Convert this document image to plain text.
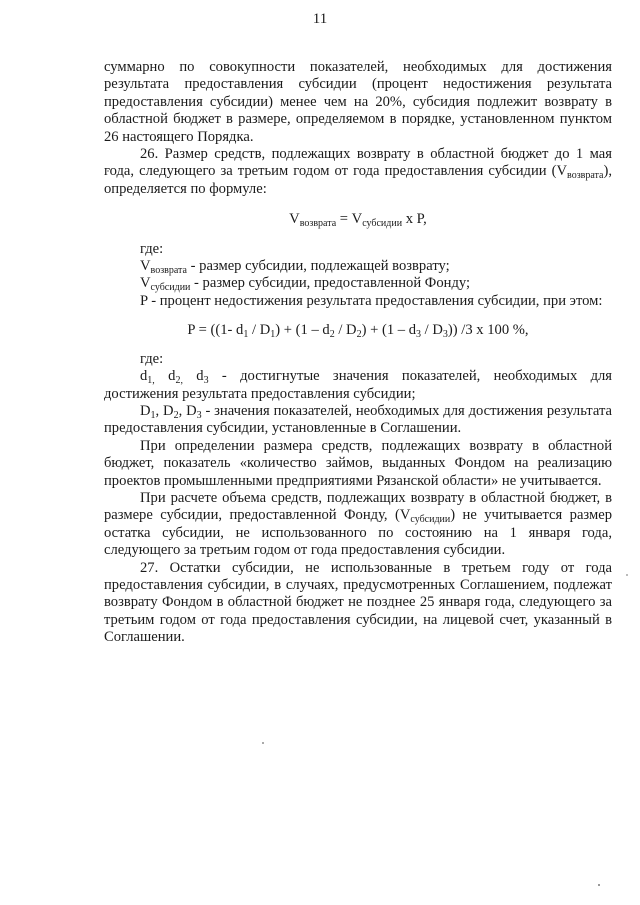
11

суммарно по совокупности показателей, необходимых для достижения результата предоставления субсидии (процент недостижения результата предоставления субсидии) менее чем на 20%, субсидия подлежит возврату в областной бюджет в размере, определяемом в порядке, установленном пунктом 26 настоящего Порядка.

26. Размер средств, подлежащих возврату в областной бюджет до 1 мая года, следующего за третьим годом от года предоставления субсидии $(V_{возврата})$, определяется по формуле:

$V_{возврата} = V_{субсидии}$ x P,

где:

$V_{возврата}$ - размер субсидии, подлежащей возврату;

$V_{субсидии}$ - размер субсидии, предоставленной Фонду;

P - процент недостижения результата предоставления субсидии, при этом:

P = ((1- $d_1 / D_1) + (1 - d_2 / D_2) + (1 - d_3 / D_3)$) /3 x 100 %,

где:

$d_{1,}$ $d_{2,}$ $d_3$ - достигнутые значения показателей, необходимых для достижения результата предоставления субсидии;

$D_1$, $D_2$, $D_3$ - значения показателей, необходимых для достижения результата предоставления субсидии, установленные в Соглашении.

При определении размера средств, подлежащих возврату в областной бюджет, показатель «количество займов, выданных Фондом на реализацию проектов промышленными предприятиями Рязанской области» не учитывается.

При расчете объема средств, подлежащих возврату в областной бюджет, в размере субсидии, предоставленной Фонду, $(V_{субсидии})$ не учитывается размер остатка субсидии, не использованного по состоянию на 1 января года, следующего за третьим годом от года предоставления субсидии.

27. Остатки субсидии, не использованные в третьем году от года предоставления субсидии, в случаях, предусмотренных Соглашением, подлежат возврату Фондом в областной бюджет не позднее 25 января года, следующего за третьим годом от года предоставления субсидии, на лицевой счет, указанный в Соглашении.
